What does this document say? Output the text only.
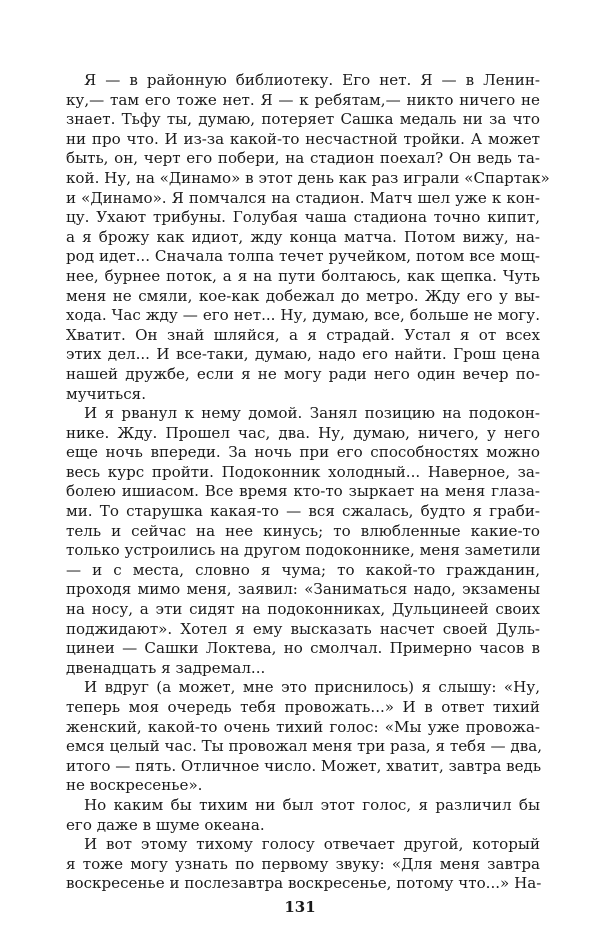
Я — в районную библиотеку. Его нет. Я — в Ленин-
ку,— там его тоже нет. Я — к ребятам,— никто ничего не
знает. Тьфу ты, думаю, потеряет Сашка медаль ни за что
ни про что. И из-за какой-то несчастной тройки. А может
быть, он, черт его побери, на стадион поехал? Он ведь та-
кой. Ну, на «Динамо» в этот день как раз играли «Спартак»
и «Динамо». Я помчался на стадион. Матч шел уже к кон-
цу. Ухают трибуны. Голубая чаша стадиона точно кипит,
а я брожу как идиот, жду конца матча. Потом вижу, на-
род идет... Сначала толпа течет ручейком, потом все мощ-
нее, бурнее поток, а я на пути болтаюсь, как щепка. Чуть
меня не смяли, кое-как добежал до метро. Жду его у вы-
хода. Час жду — его нет... Ну, думаю, все, больше не могу.
Хватит. Он знай шляйся, а я страдай. Устал я от всех
этих дел... И все-таки, думаю, надо его найти. Грош цена
нашей дружбе, если я не могу ради него один вечер по-
мучиться.
И я рванул к нему домой. Занял позицию на подокон-
нике. Жду. Прошел час, два. Ну, думаю, ничего, у него
еще ночь впереди. За ночь при его способностях можно
весь курс пройти. Подоконник холодный... Наверное, за-
болею ишиасом. Все время кто-то зыркает на меня глаза-
ми. То старушка какая-то — вся сжалась, будто я граби-
тель и сейчас на нее кинусь; то влюбленные какие-то
только устроились на другом подоконнике, меня заметили
— и с места, словно я чума; то какой-то гражданин,
проходя мимо меня, заявил: «Заниматься надо, экзамены
на носу, а эти сидят на подоконниках, Дульцинеей своих
поджидают». Хотел я ему высказать насчет своей Дуль-
цинеи — Сашки Локтева, но смолчал. Примерно часов в
двенадцать я задремал...
И вдруг (а может, мне это приснилось) я слышу: «Ну,
теперь моя очередь тебя провожать...» И в ответ тихий
женский, какой-то очень тихий голос: «Мы уже провожа-
емся целый час. Ты провожал меня три раза, я тебя — два,
итого — пять. Отличное число. Может, хватит, завтра ведь
не воскресенье».
Но каким бы тихим ни был этот голос, я различил бы
его даже в шуме океана.
И вот этому тихому голосу отвечает другой, который
я тоже могу узнать по первому звуку: «Для меня завтра
воскресенье и послезавтра воскресенье, потому что...» На-
131
